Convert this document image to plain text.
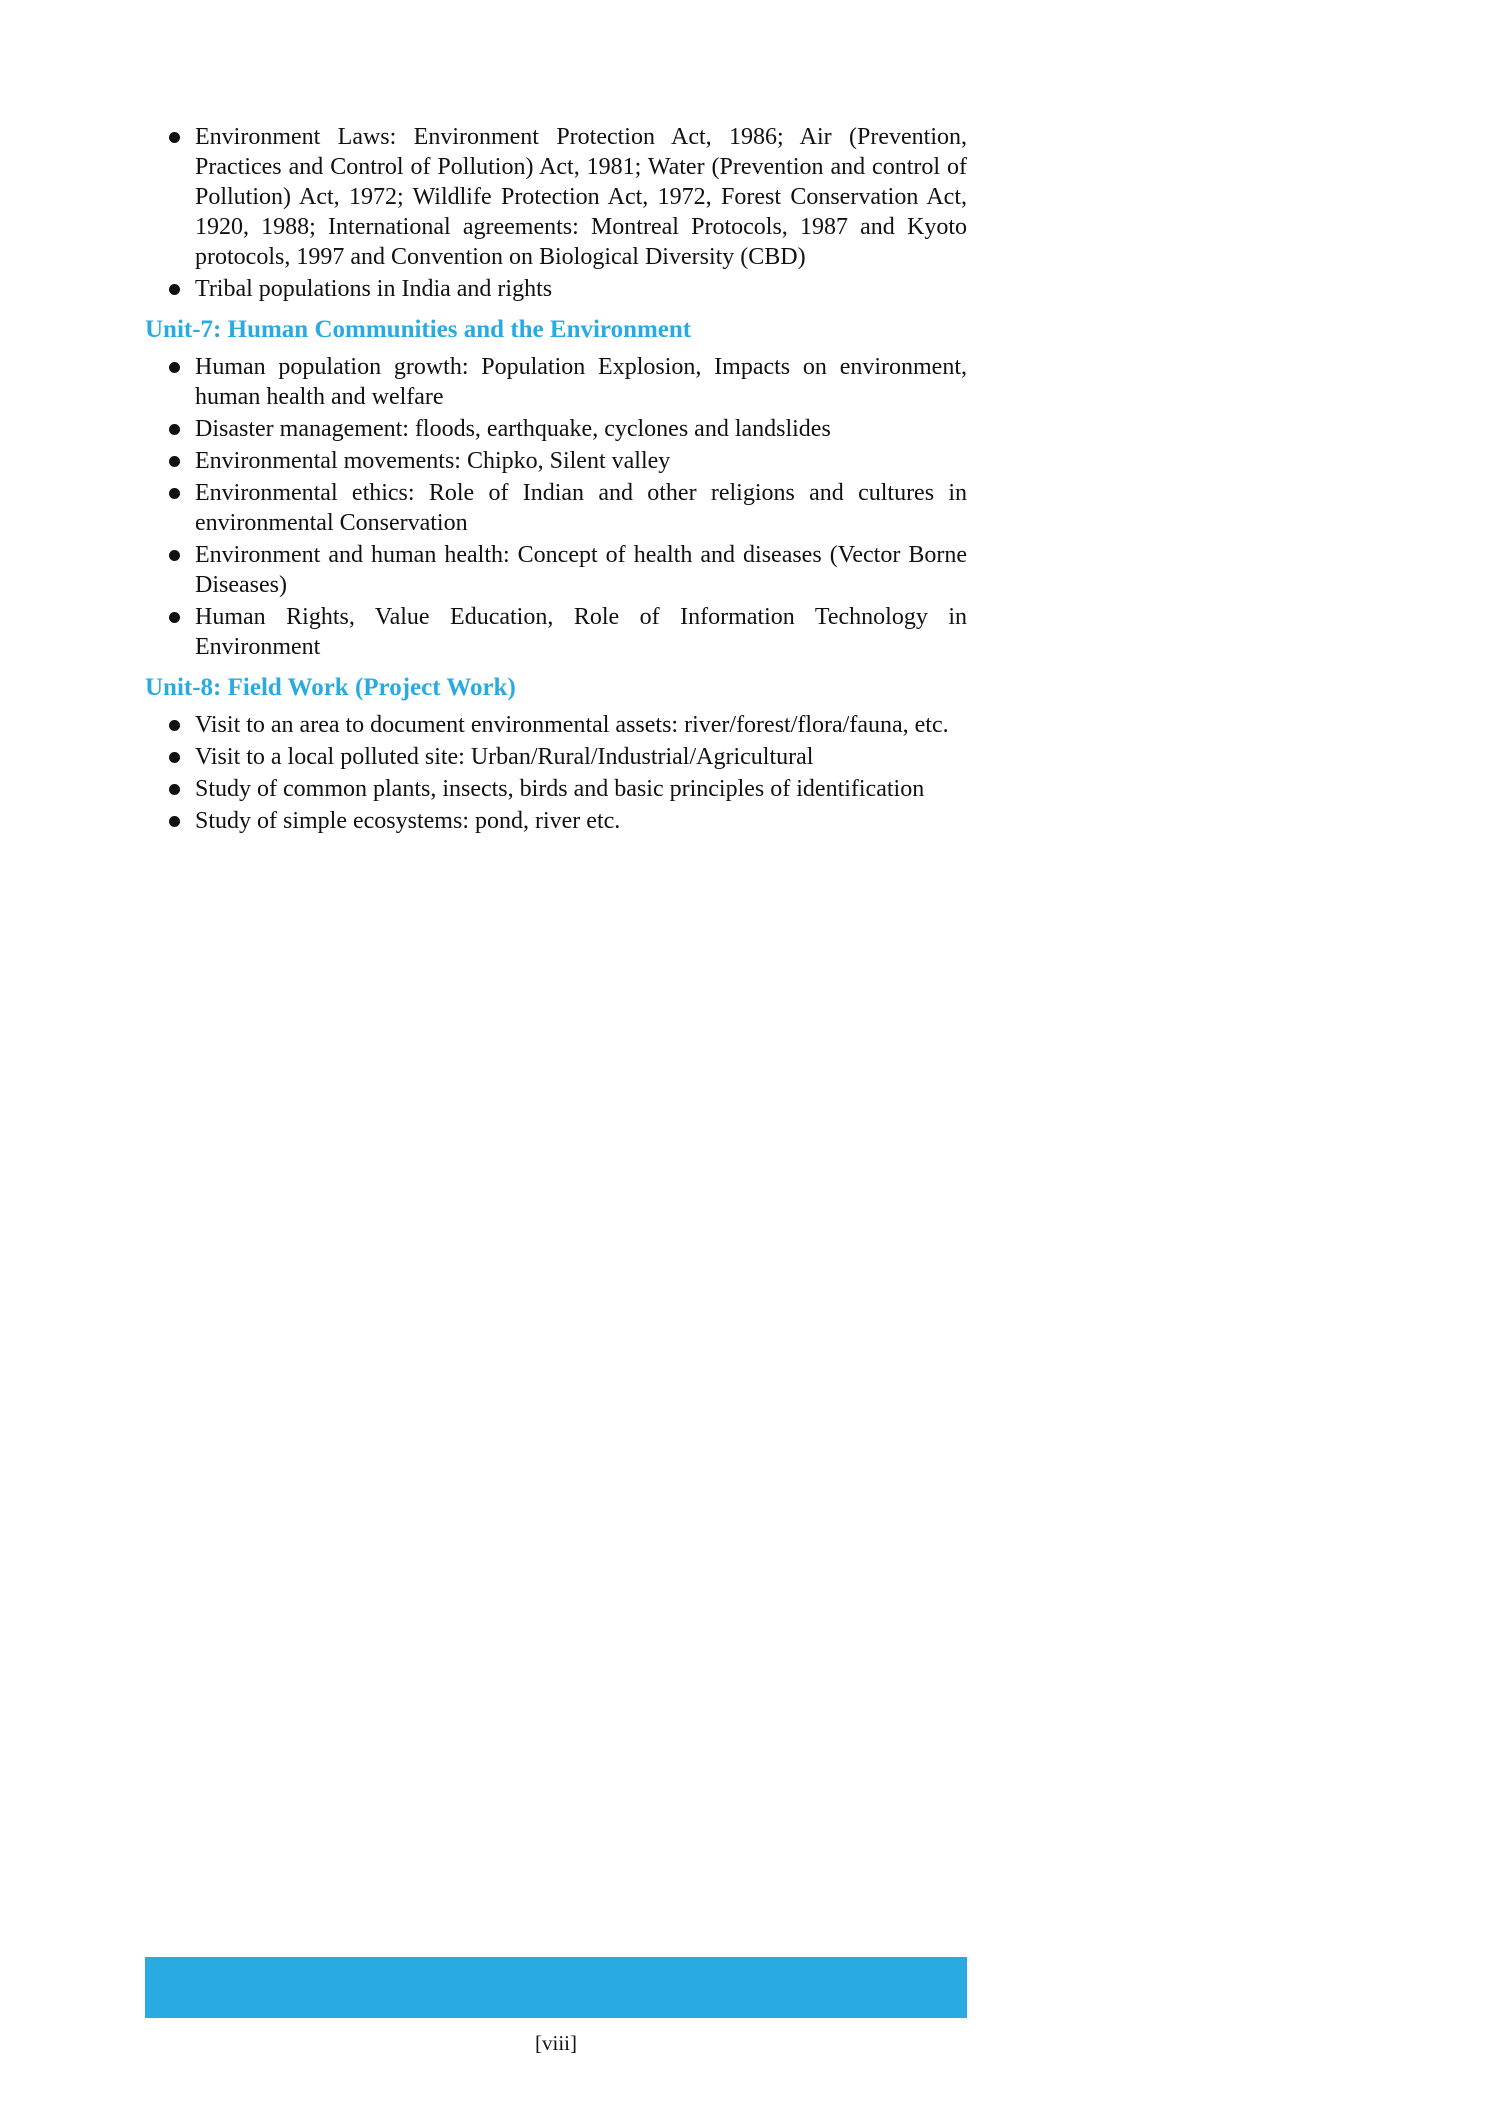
Environment Laws: Environment Protection Act, 1986; Air (Prevention, Practices and Control of Pollution) Act, 1981; Water (Prevention and control of Pollution) Act, 1972; Wildlife Protection Act, 1972, Forest Conservation Act, 1920, 1988; International agreements: Montreal Protocols, 1987 and Kyoto protocols, 1997 and Convention on Biological Diversity (CBD)
Tribal populations in India and rights
Unit-7: Human Communities and the Environment
Human population growth: Population Explosion, Impacts on environment, human health and welfare
Disaster management: floods, earthquake, cyclones and landslides
Environmental movements: Chipko, Silent valley
Environmental ethics: Role of Indian and other religions and cultures in environmental Conservation
Environment and human health: Concept of health and diseases (Vector Borne Diseases)
Human Rights, Value Education, Role of Information Technology in Environment
Unit-8: Field Work (Project Work)
Visit to an area to document environmental assets: river/forest/flora/fauna, etc.
Visit to a local polluted site: Urban/Rural/Industrial/Agricultural
Study of common plants, insects, birds and basic principles of identification
Study of simple ecosystems: pond, river etc.
[viii]
